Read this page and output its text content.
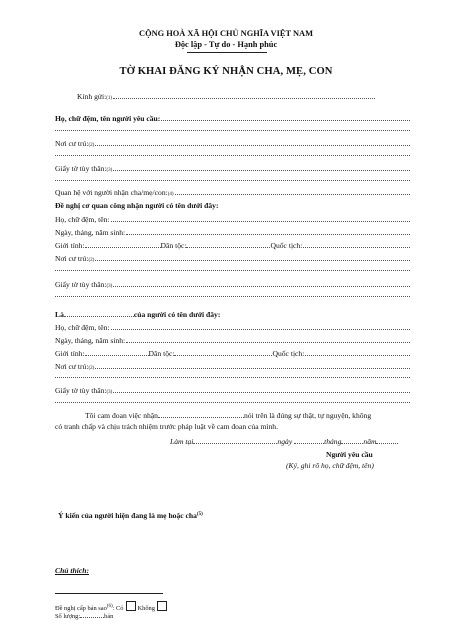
CỘNG HOÀ XÃ HỘI CHỦ NGHĨA VIỆT NAM
Độc lập - Tự do - Hạnh phúc
TỜ KHAI ĐĂNG KÝ NHẬN CHA, MẸ, CON
Kính gửi: (1)
Họ, chữ đệm, tên người yêu cầu:
Nơi cư trú: (2)
Giấy tờ tùy thân: (3)
Quan hệ với người nhận cha/mẹ/con: (4)
Đề nghị cơ quan công nhận người có tên dưới đây:
Họ, chữ đệm, tên:
Ngày, tháng, năm sinh:
Giới tính:	Dân tộc:	Quốc tịch:
Nơi cư trú: (2)
Giấy tờ tùy thân: (3)
Là	của người có tên dưới đây:
Họ, chữ đệm, tên:
Ngày, tháng, năm sinh:
Giới tính:	Dân tộc:	Quốc tịch:
Nơi cư trú: (2)
Giấy tờ tùy thân: (3)
Tôi cam đoan việc nhận	nói trên là đúng sự thật, tự nguyện, không
có tranh chấp và chịu trách nhiệm trước pháp luật về cam đoan của mình.
Làm tại	ngày	tháng	năm
Người yêu cầu
(Ký, ghi rõ họ, chữ đệm, tên)
Ý kiến của người hiện đang là mẹ hoặc cha$^{(5)}$
Chú thích:
Đề nghị cấp bản sao$^{(6)}$: Có Không
Số lượng:	bản
